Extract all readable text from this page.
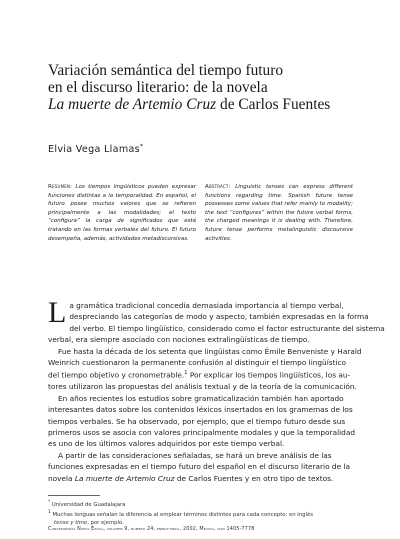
Variación semántica del tiempo futuro
en el discurso literario: de la novela
La muerte de Artemio Cruz de Carlos Fuentes
Elvia Vega Llamas*
Resumen: Los tiempos lingüísticos pueden expresar funciones distintas a la temporalidad. En español, el futuro posee muchos valores que se refieren principalmente a las modalidades; el texto “configura” la carga de significados que está tratando en las formas verbales del futuro. El futuro desempeña, además, actividades metadiscursivas.
Abstract: Linguistic tenses can express different functions regarding time. Spanish future tense possesses some values that refer mainly to modality; the text “configures” within the future verbal forms, the charged meanings it is dealing with. Therefore, future tense performs metalinguistic discoursive activities.

L a gramática tradicional concedía demasiada importancia al tiempo verbal,
despreciando las categorías de modo y aspecto, también expresadas en la forma
del verbo. El tiempo lingüístico, considerado como el factor estructurante del sistema
verbal, era siempre asociado con nociones extralingüísticas de tiempo.

Fue hasta la década de los setenta que lingüistas como Émile Benveniste y Harald
Weinrich cuestionaron la permanente confusión al distinguir el tiempo lingüístico
del tiempo objetivo y cronometrable.$^1$ Por explicar los tiempos lingüísticos, los au-
tores utilizaron las propuestas del análisis textual y de la teoría de la comunicación.

En años recientes los estudios sobre gramaticalización también han aportado
interesantes datos sobre los contenidos léxicos insertados en los gramemas de los
tiempos verbales. Se ha observado, por ejemplo, que el tiempo futuro desde sus
primeros usos se asocia con valores principalmente modales y que la temporalidad
es uno de los últimos valores adquiridos por este tiempo verbal.

A partir de las consideraciones señaladas, se hará un breve análisis de las
funciones expresadas en el tiempo futuro del español en el discurso literario de la
novela La muerte de Artemio Cruz de Carlos Fuentes y en otro tipo de textos.

* Universidad de Guadalajara
$^1$ Muchas lenguas señalan la diferencia al emplear términos distintos para cada concepto: en inglés
tense y time, por ejemplo.
Convergencia Nueva Época, volumen 9, número 24, enero-abril, 2002, México, issn 1405-7778
